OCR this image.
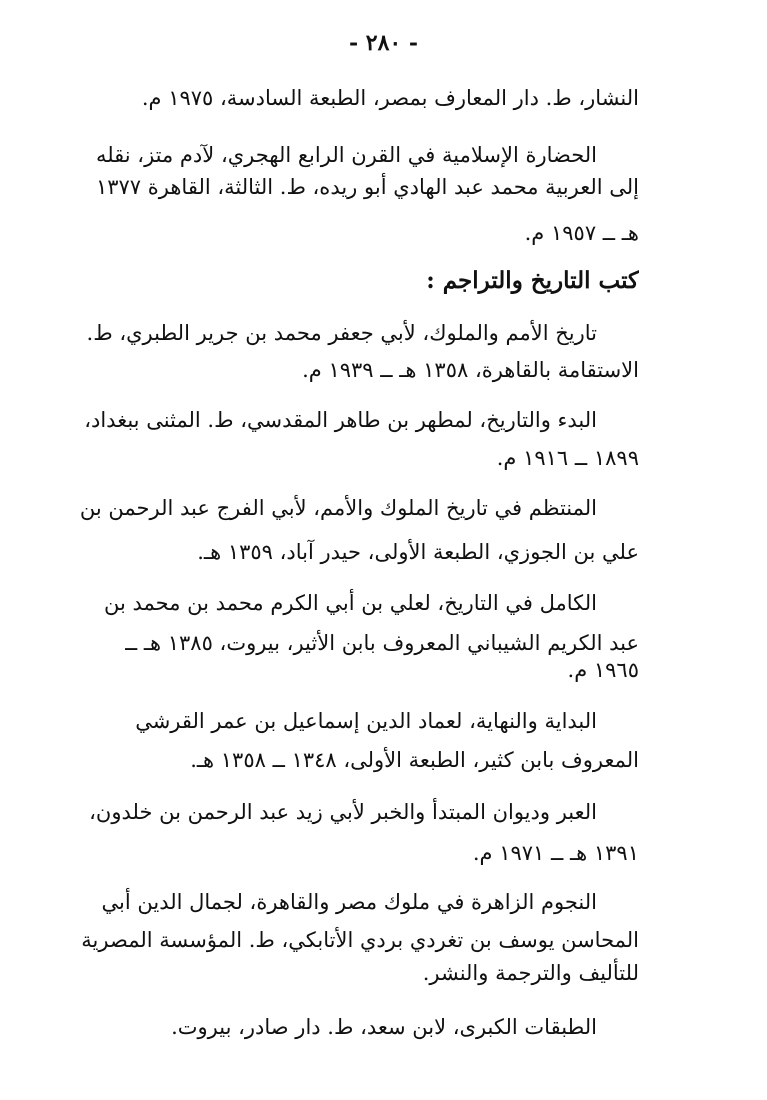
- ٢٨٠ -
النشار، ط. دار المعارف بمصر، الطبعة السادسة، ١٩٧٥ م.
الحضارة الإسلامية في القرن الرابع الهجري، لآدم متز، نقله
إلى العربية محمد عبد الهادي أبو ريده، ط. الثالثة، القاهرة ١٣٧٧
هـ ــ ١٩٥٧ م.
كتب التاريخ والتراجم :
تاريخ الأمم والملوك، لأبي جعفر محمد بن جرير الطبري، ط.
الاستقامة بالقاهرة، ١٣٥٨ هـ ــ ١٩٣٩ م.
البدء والتاريخ، لمطهر بن طاهر المقدسي، ط. المثنى ببغداد،
١٨٩٩ ــ ١٩١٦ م.
المنتظم في تاريخ الملوك والأمم، لأبي الفرج عبد الرحمن بن
علي بن الجوزي، الطبعة الأولى، حيدر آباد، ١٣٥٩ هـ.
الكامل في التاريخ، لعلي بن أبي الكرم محمد بن محمد بن
عبد الكريم الشيباني المعروف بابن الأثير، بيروت، ١٣٨٥ هـ ــ
١٩٦٥ م.
البداية والنهاية، لعماد الدين إسماعيل بن عمر القرشي
المعروف بابن كثير، الطبعة الأولى، ١٣٤٨ ــ ١٣٥٨ هـ.
العبر وديوان المبتدأ والخبر لأبي زيد عبد الرحمن بن خلدون،
١٣٩١ هـ ــ ١٩٧١ م.
النجوم الزاهرة في ملوك مصر والقاهرة، لجمال الدين أبي
المحاسن يوسف بن تغردي بردي الأتابكي، ط. المؤسسة المصرية
للتأليف والترجمة والنشر.
الطبقات الكبرى، لابن سعد، ط. دار صادر، بيروت.
